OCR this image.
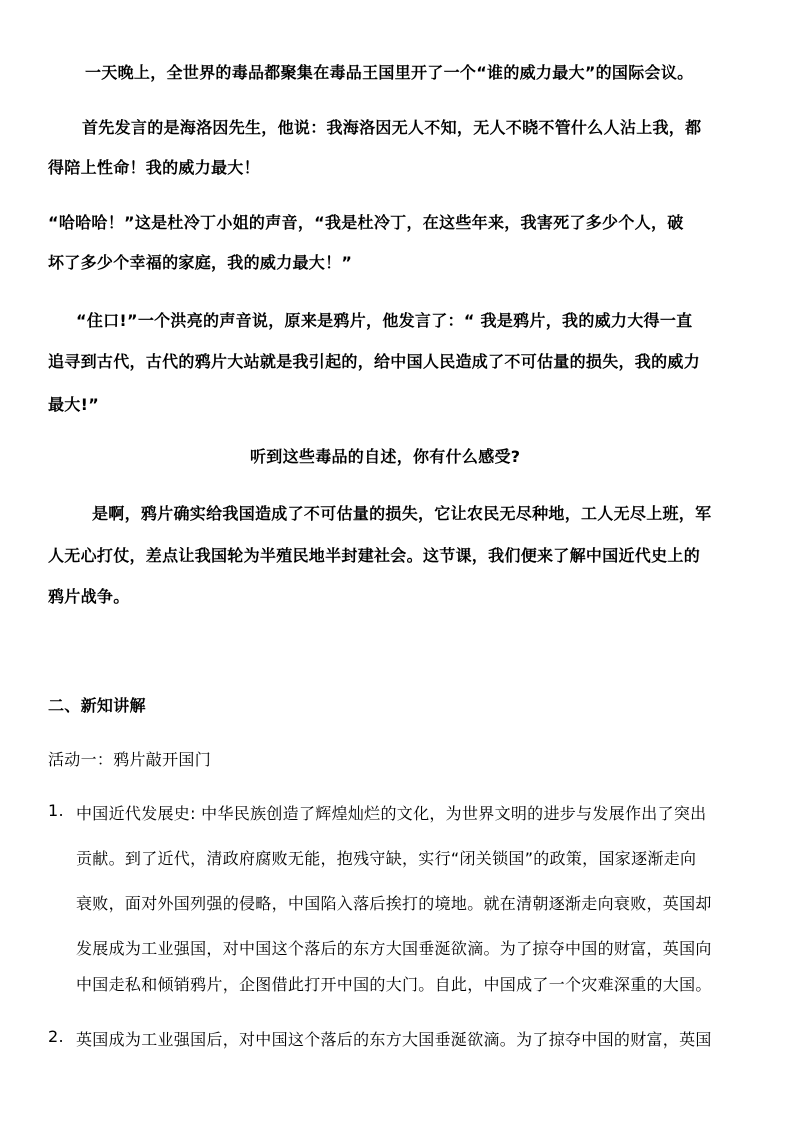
一天晚上，全世界的毒品都聚集在毒品王国里开了一个“谁的威力最大”的国际会议。
首先发言的是海洛因先生，他说：我海洛因无人不知，无人不晓不管什么人沾上我，都
得陪上性命！我的威力最大！
“哈哈哈！”这是杜冷丁小姐的声音，“我是杜冷丁，在这些年来，我害死了多少个人，破
坏了多少个幸福的家庭，我的威力最大！”
“住口!”一个洪亮的声音说，原来是鸦片，他发言了：“ 我是鸦片，我的威力大得一直
追寻到古代，古代的鸦片大站就是我引起的，给中国人民造成了不可估量的损失，我的威力
最大!”
听到这些毒品的自述，你有什么感受?
是啊，鸦片确实给我国造成了不可估量的损失，它让农民无尽种地，工人无尽上班，军
人无心打仗，差点让我国轮为半殖民地半封建社会。这节课，我们便来了解中国近代史上的
鸦片战争。
二、新知讲解
活动一：鸦片敲开国门
1. 中国近代发展史: 中华民族创造了辉煌灿烂的文化，为世界文明的进步与发展作出了突出
贡献。到了近代，清政府腐败无能，抱残守缺，实行“闭关锁国”的政策，国家逐渐走向
衰败，面对外国列强的侵略，中国陷入落后挨打的境地。就在清朝逐渐走向衰败，英国却
发展成为工业强国，对中国这个落后的东方大国垂涎欲滴。为了掠夺中国的财富，英国向
中国走私和倾销鸦片，企图借此打开中国的大门。自此，中国成了一个灾难深重的大国。
2. 英国成为工业强国后，对中国这个落后的东方大国垂涎欲滴。为了掠夺中国的财富，英国
